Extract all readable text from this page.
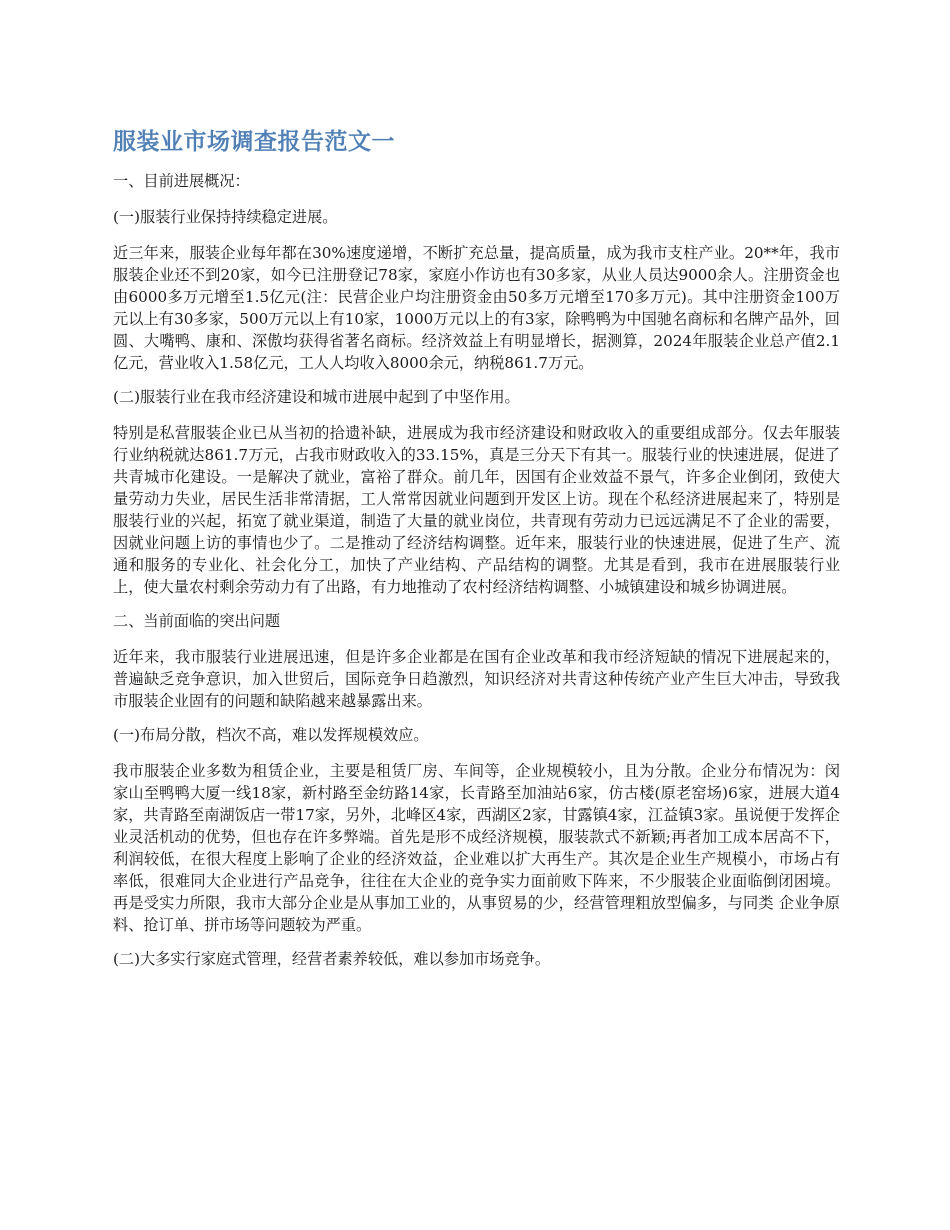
服装业市场调查报告范文一

一、目前进展概况：

(一)服装行业保持持续稳定进展。

近三年来，服装企业每年都在30%速度递增，不断扩充总量，提高质量，成为我市支柱产业。20**年，我市服装企业还不到20家，如今已注册登记78家，家庭小作访也有30多家，从业人员达9000余人。注册资金也由6000多万元增至1.5亿元(注：民营企业户均注册资金由50多万元增至170多万元)。其中注册资金100万元以上有30多家，500万元以上有10家，1000万元以上的有3家，除鸭鸭为中国驰名商标和名牌产品外，回圆、大嘴鸭、康和、深傲均获得省著名商标。经济效益上有明显增长，据测算，2024年服装企业总产值2.1亿元，营业收入1.58亿元，工人人均收入8000余元，纳税861.7万元。

(二)服装行业在我市经济建设和城市进展中起到了中坚作用。

特别是私营服装企业已从当初的拾遗补缺，进展成为我市经济建设和财政收入的重要组成部分。仅去年服装行业纳税就达861.7万元，占我市财政收入的33.15%，真是三分天下有其一。服装行业的快速进展，促进了共青城市化建设。一是解决了就业，富裕了群众。前几年，因国有企业效益不景气，许多企业倒闭，致使大量劳动力失业，居民生活非常清据，工人常常因就业问题到开发区上访。现在个私经济进展起来了，特别是服装行业的兴起，拓宽了就业渠道，制造了大量的就业岗位，共青现有劳动力已远远满足不了企业的需要，因就业问题上访的事情也少了。二是推动了经济结构调整。近年来，服装行业的快速进展，促进了生产、流通和服务的专业化、社会化分工，加快了产业结构、产品结构的调整。尤其是看到，我市在进展服装行业上，使大量农村剩余劳动力有了出路，有力地推动了农村经济结构调整、小城镇建设和城乡协调进展。

二、当前面临的突出问题

近年来，我市服装行业进展迅速，但是许多企业都是在国有企业改革和我市经济短缺的情况下进展起来的，普遍缺乏竞争意识，加入世贸后，国际竞争日趋激烈，知识经济对共青这种传统产业产生巨大冲击，导致我市服装企业固有的问题和缺陷越来越暴露出来。

(一)布局分散，档次不高，难以发挥规模效应。

我市服装企业多数为租赁企业，主要是租赁厂房、车间等，企业规模较小，且为分散。企业分布情况为：闵家山至鸭鸭大厦一线18家，新村路至金纺路14家，长青路至加油站6家，仿古楼(原老窑场)6家，进展大道4家，共青路至南湖饭店一带17家，另外，北峰区4家，西湖区2家，甘露镇4家，江益镇3家。虽说便于发挥企业灵活机动的优势，但也存在许多弊端。首先是形不成经济规模，服装款式不新颖;再者加工成本居高不下，利润较低，在很大程度上影响了企业的经济效益，企业难以扩大再生产。其次是企业生产规模小，市场占有率低，很难同大企业进行产品竞争，往往在大企业的竞争实力面前败下阵来，不少服装企业面临倒闭困境。再是受实力所限，我市大部分企业是从事加工业的，从事贸易的少，经营管理粗放型偏多，与同类 企业争原料、抢订单、拼市场等问题较为严重。

(二)大多实行家庭式管理，经营者素养较低，难以参加市场竞争。
